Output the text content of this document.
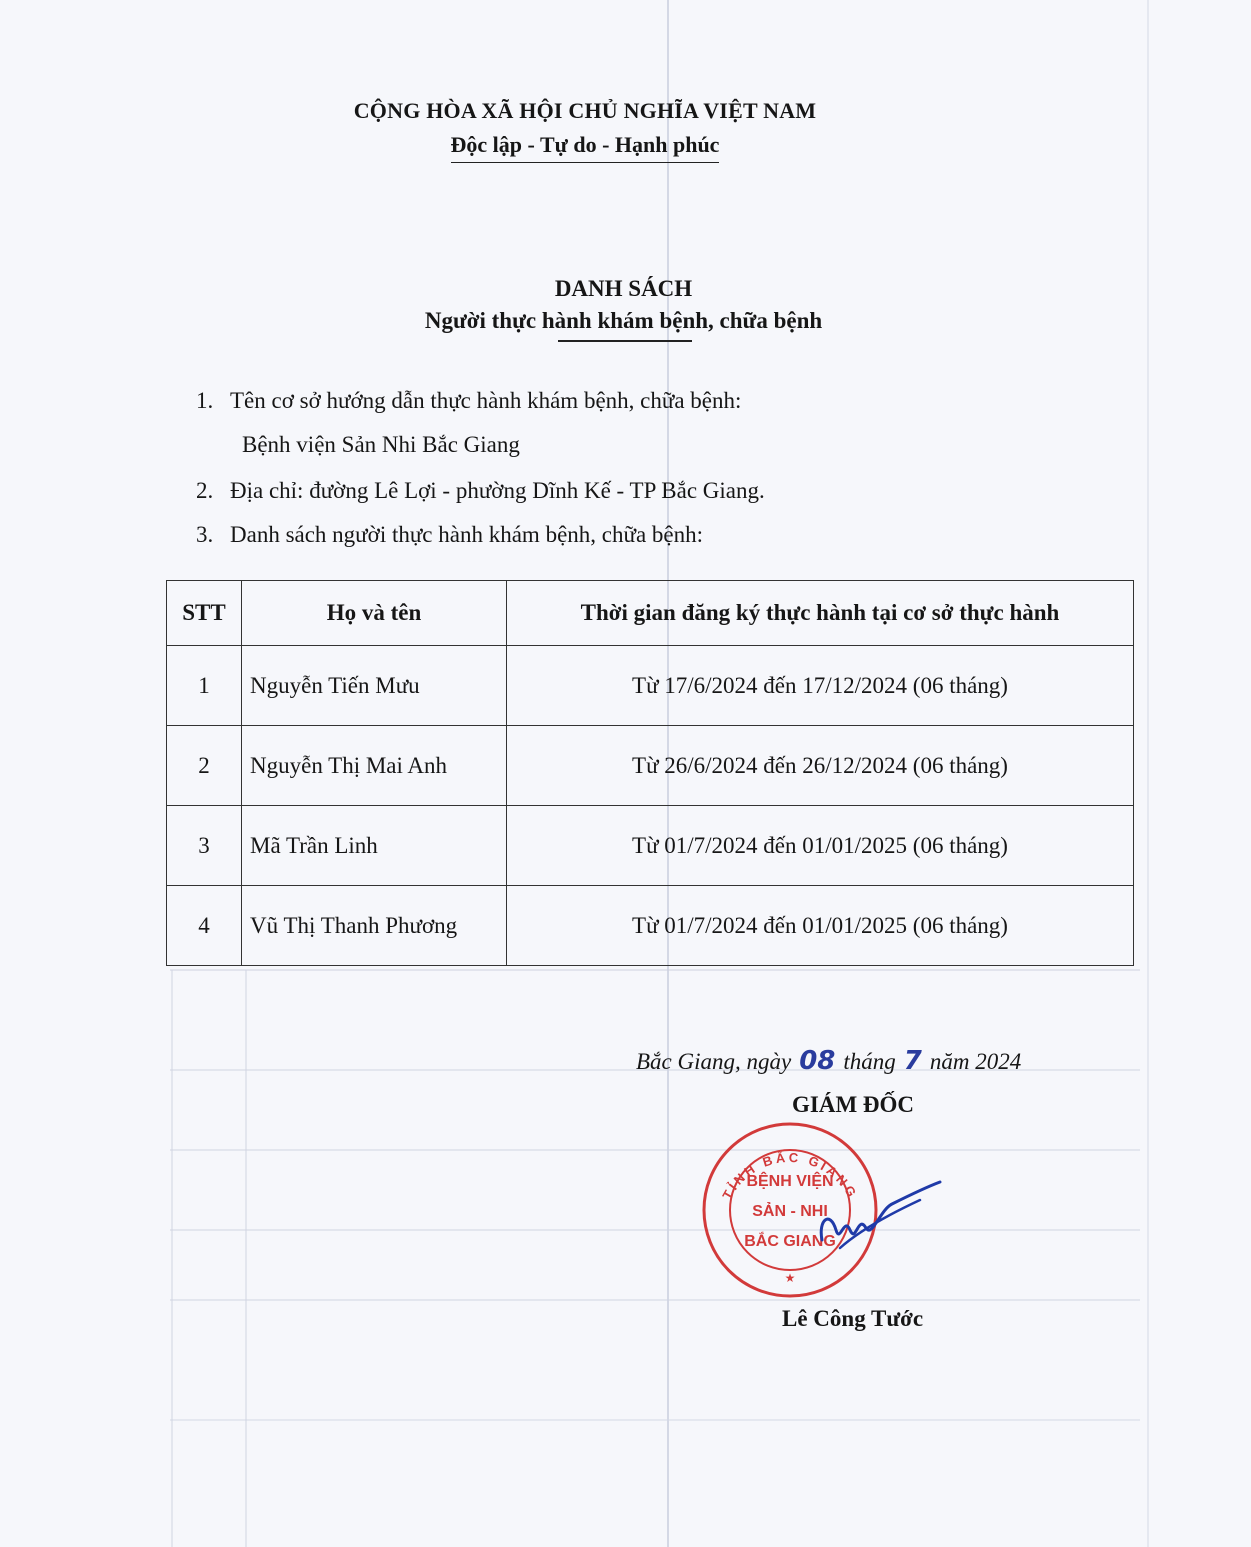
CỘNG HÒA XÃ HỘI CHỦ NGHĨA VIỆT NAM
Độc lập - Tự do - Hạnh phúc
DANH SÁCH
Người thực hành khám bệnh, chữa bệnh
1. Tên cơ sở hướng dẫn thực hành khám bệnh, chữa bệnh:
Bệnh viện Sản Nhi Bắc Giang
2. Địa chỉ: đường Lê Lợi - phường Dĩnh Kế - TP Bắc Giang.
3. Danh sách người thực hành khám bệnh, chữa bệnh:
STT	Họ và tên	Thời gian đăng ký thực hành tại cơ sở thực hành
1	Nguyễn Tiến Mưu	Từ 17/6/2024 đến 17/12/2024 (06 tháng)
2	Nguyễn Thị Mai Anh	Từ 26/6/2024 đến 26/12/2024 (06 tháng)
3	Mã Trần Linh	Từ 01/7/2024 đến 01/01/2025 (06 tháng)
4	Vũ Thị Thanh Phương	Từ 01/7/2024 đến 01/01/2025 (06 tháng)
Bắc Giang, ngày 08 tháng 7 năm 2024
GIÁM ĐỐC
TỈNH BẮC GIANG
BỆNH VIỆN
SẢN - NHI
BẮC GIANG
★
Lê Công Tước
